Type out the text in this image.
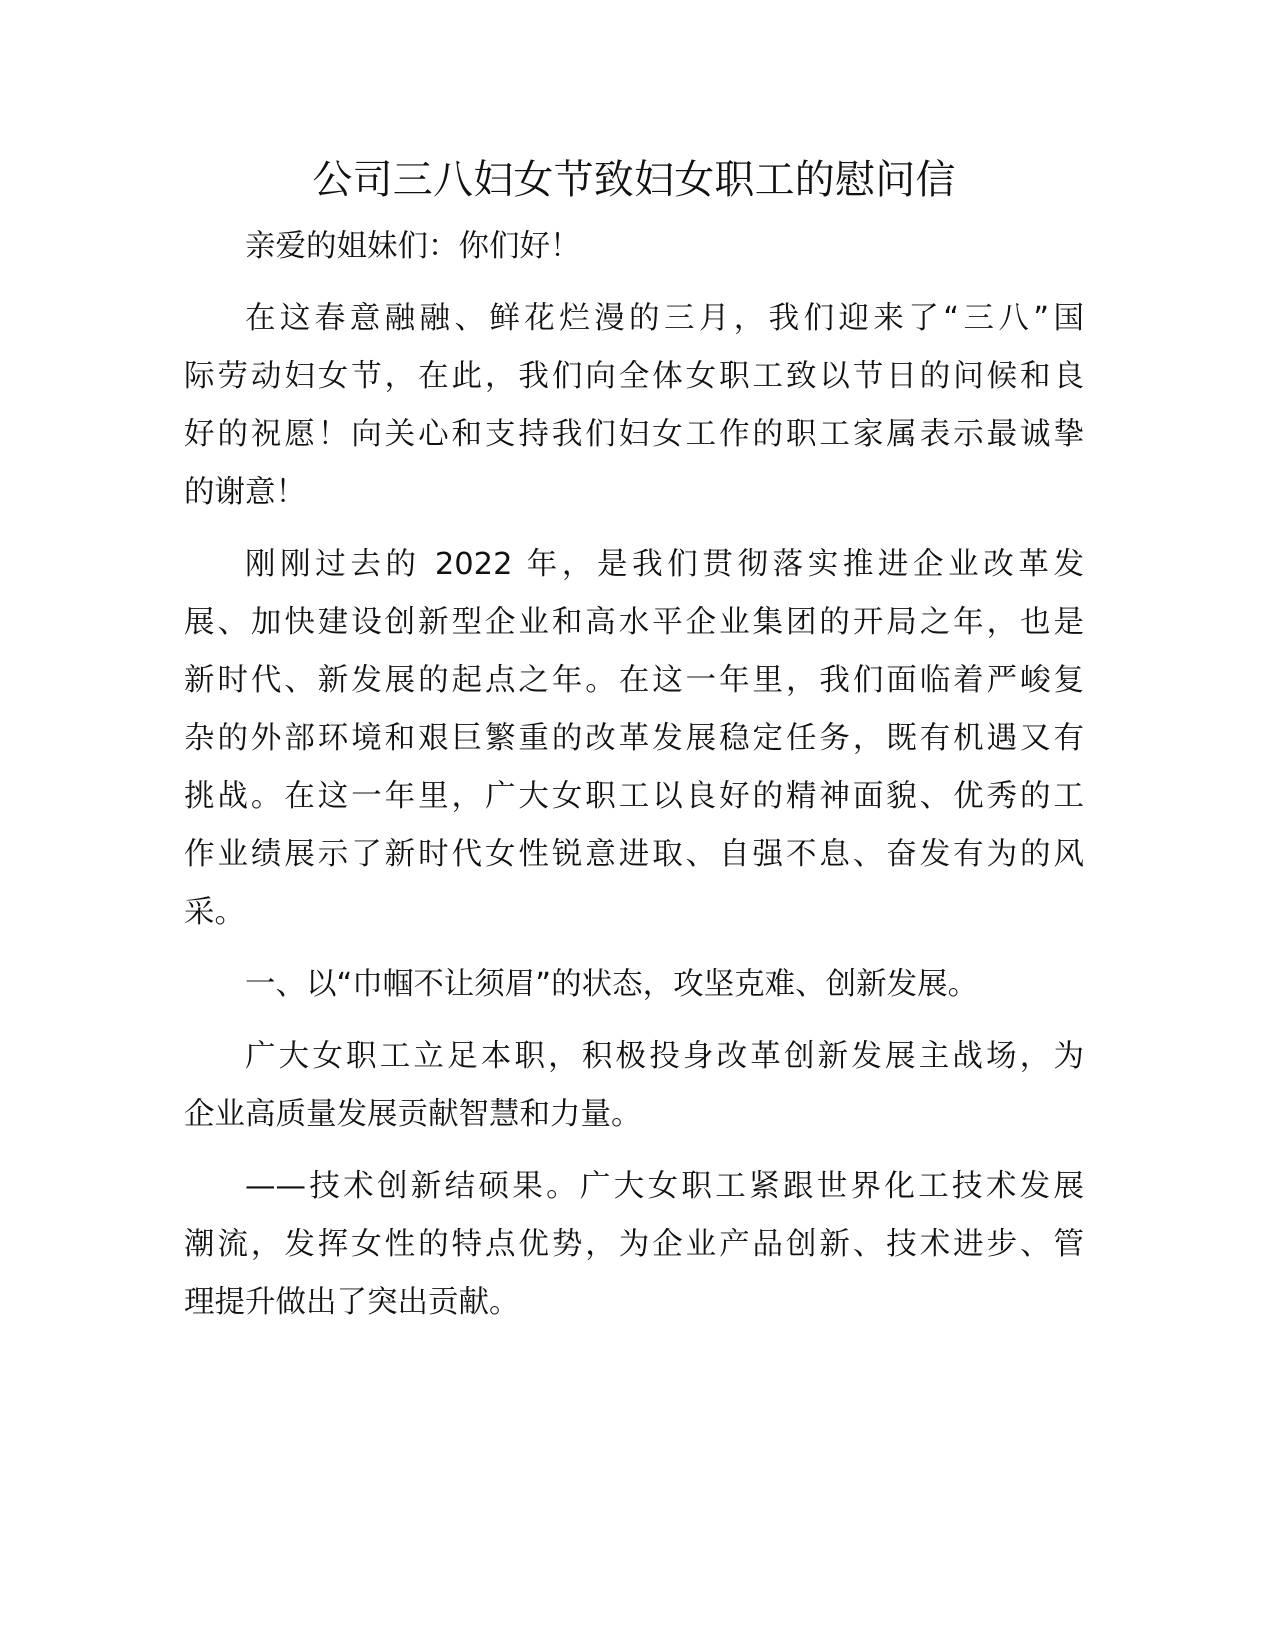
公司三八妇女节致妇女职工的慰问信

亲爱的姐妹们：你们好！

在这春意融融、鲜花烂漫的三月，我们迎来了“三八”国
际劳动妇女节，在此，我们向全体女职工致以节日的问候和良
好的祝愿！向关心和支持我们妇女工作的职工家属表示最诚挚
的谢意！

刚刚过去的 2022 年，是我们贯彻落实推进企业改革发
展、加快建设创新型企业和高水平企业集团的开局之年，也是
新时代、新发展的起点之年。在这一年里，我们面临着严峻复
杂的外部环境和艰巨繁重的改革发展稳定任务，既有机遇又有
挑战。在这一年里，广大女职工以良好的精神面貌、优秀的工
作业绩展示了新时代女性锐意进取、自强不息、奋发有为的风
采。

一、以“巾帼不让须眉”的状态，攻坚克难、创新发展。

广大女职工立足本职，积极投身改革创新发展主战场，为
企业高质量发展贡献智慧和力量。

——技术创新结硕果。广大女职工紧跟世界化工技术发展
潮流，发挥女性的特点优势，为企业产品创新、技术进步、管
理提升做出了突出贡献。
